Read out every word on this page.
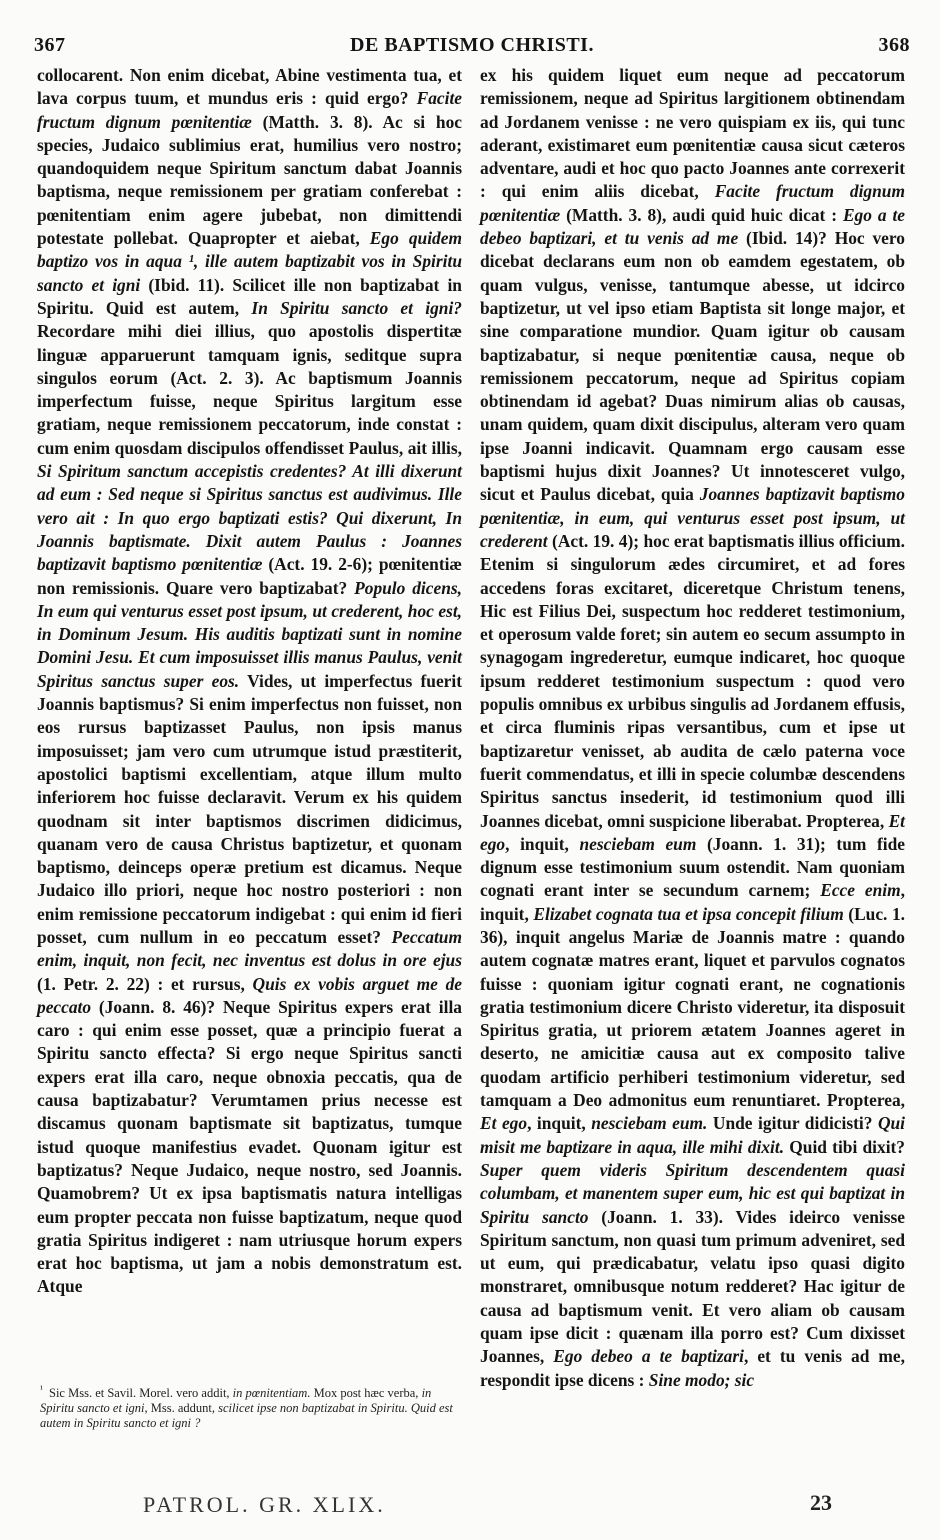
367	DE BAPTISMO CHRISTI.	368

collocarent. Non enim dicebat, Abine vestimenta tua, et lava corpus tuum, et mundus eris : quid ergo? Facite fructum dignum pœnitentiæ (Matth. 3. 8). Ac si hoc species, Judaico sublimius erat, humilius vero nostro; quandoquidem neque Spiritum sanctum dabat Joannis baptisma, neque remissionem per gratiam conferebat : pœnitentiam enim agere jubebat, non dimittendi potestate pollebat. Quapropter et aiebat, Ego quidem baptizo vos in aqua ¹, ille autem baptizabit vos in Spiritu sancto et igni (Ibid. 11). Scilicet ille non baptizabat in Spiritu. Quid est autem, In Spiritu sancto et igni? Recordare mihi diei illius, quo apostolis dispertitæ linguæ apparuerunt tamquam ignis, seditque supra singulos eorum (Act. 2. 3). Ac baptismum Joannis imperfectum fuisse, neque Spiritus largitum esse gratiam, neque remissionem peccatorum, inde constat : cum enim quosdam discipulos offendisset Paulus, ait illis, Si Spiritum sanctum accepistis credentes? At illi dixerunt ad eum : Sed neque si Spiritus sanctus est audivimus. Ille vero ait : In quo ergo baptizati estis? Qui dixerunt, In Joannis baptismate. Dixit autem Paulus : Joannes baptizavit baptismo pœnitentiæ (Act. 19. 2-6); pœnitentiæ non remissionis. Quare vero baptizabat? Populo dicens, In eum qui venturus esset post ipsum, ut crederent, hoc est, in Dominum Jesum. His auditis baptizati sunt in nomine Domini Jesu. Et cum imposuisset illis manus Paulus, venit Spiritus sanctus super eos. Vides, ut imperfectus fuerit Joannis baptismus? Si enim imperfectus non fuisset, non eos rursus baptizasset Paulus, non ipsis manus imposuisset; jam vero cum utrumque istud præstiterit, apostolici baptismi excellentiam, atque illum multo inferiorem hoc fuisse declaravit. Verum ex his quidem quodnam sit inter baptismos discrimen didicimus, quanam vero de causa Christus baptizetur, et quonam baptismo, deinceps operæ pretium est dicamus. Neque Judaico illo priori, neque hoc nostro posteriori : non enim remissione peccatorum indigebat : qui enim id fieri posset, cum nullum in eo peccatum esset? Peccatum enim, inquit, non fecit, nec inventus est dolus in ore ejus (1. Petr. 2. 22) : et rursus, Quis ex vobis arguet me de peccato (Joann. 8. 46)? Neque Spiritus expers erat illa caro : qui enim esse posset, quæ a principio fuerat a Spiritu sancto effecta? Si ergo neque Spiritus sancti expers erat illa caro, neque obnoxia peccatis, qua de causa baptizabatur? Verumtamen prius necesse est discamus quonam baptismate sit baptizatus, tumque istud quoque manifestius evadet. Quonam igitur est baptizatus? Neque Judaico, neque nostro, sed Joannis. Quamobrem? Ut ex ipsa baptismatis natura intelligas eum propter peccata non fuisse baptizatum, neque quod gratia Spiritus indigeret : nam utriusque horum expers erat hoc baptisma, ut jam a nobis demonstratum est. Atque

ex his quidem liquet eum neque ad peccatorum remissionem, neque ad Spiritus largitionem obtinendam ad Jordanem venisse : ne vero quispiam ex iis, qui tunc aderant, existimaret eum pœnitentiæ causa sicut cæteros adventare, audi et hoc quo pacto Joannes ante correxerit : qui enim aliis dicebat, Facite fructum dignum pœnitentiæ (Matth. 3. 8), audi quid huic dicat : Ego a te debeo baptizari, et tu venis ad me (Ibid. 14)? Hoc vero dicebat declarans eum non ob eamdem egestatem, ob quam vulgus, venisse, tantumque abesse, ut idcirco baptizetur, ut vel ipso etiam Baptista sit longe major, et sine comparatione mundior. Quam igitur ob causam baptizabatur, si neque pœnitentiæ causa, neque ob remissionem peccatorum, neque ad Spiritus copiam obtinendam id agebat? Duas nimirum alias ob causas, unam quidem, quam dixit discipulus, alteram vero quam ipse Joanni indicavit. Quamnam ergo causam esse baptismi hujus dixit Joannes? Ut innotesceret vulgo, sicut et Paulus dicebat, quia Joannes baptizavit baptismo pœnitentiæ, in eum, qui venturus esset post ipsum, ut crederent (Act. 19. 4); hoc erat baptismatis illius officium. Etenim si singulorum ædes circumiret, et ad fores accedens foras excitaret, diceretque Christum tenens, Hic est Filius Dei, suspectum hoc redderet testimonium, et operosum valde foret; sin autem eo secum assumpto in synagogam ingrederetur, eumque indicaret, hoc quoque ipsum redderet testimonium suspectum : quod vero populis omnibus ex urbibus singulis ad Jordanem effusis, et circa fluminis ripas versantibus, cum et ipse ut baptizaretur venisset, ab audita de cælo paterna voce fuerit commendatus, et illi in specie columbæ descendens Spiritus sanctus insederit, id testimonium quod illi Joannes dicebat, omni suspicione liberabat. Propterea, Et ego, inquit, nesciebam eum (Joann. 1. 31); tum fide dignum esse testimonium suum ostendit. Nam quoniam cognati erant inter se secundum carnem; Ecce enim, inquit, Elizabet cognata tua et ipsa concepit filium (Luc. 1. 36), inquit angelus Mariæ de Joannis matre : quando autem cognatæ matres erant, liquet et parvulos cognatos fuisse : quoniam igitur cognati erant, ne cognationis gratia testimonium dicere Christo videretur, ita disposuit Spiritus gratia, ut priorem ætatem Joannes ageret in deserto, ne amicitiæ causa aut ex composito talive quodam artificio perhiberi testimonium videretur, sed tamquam a Deo admonitus eum renuntiaret. Propterea, Et ego, inquit, nesciebam eum. Unde igitur didicisti? Qui misit me baptizare in aqua, ille mihi dixit. Quid tibi dixit? Super quem videris Spiritum descendentem quasi columbam, et manentem super eum, hic est qui baptizat in Spiritu sancto (Joann. 1. 33). Vides ideirco venisse Spiritum sanctum, non quasi tum primum adveniret, sed ut eum, qui prædicabatur, velatu ipso quasi digito monstraret, omnibusque notum redderet? Hac igitur de causa ad baptismum venit. Et vero aliam ob causam quam ipse dicit : quænam illa porro est? Cum dixisset Joannes, Ego debeo a te baptizari, et tu venis ad me, respondit ipse dicens : Sine modo; sic

$^{^1}$ Sic Mss. et Savil. Morel. vero addit, in pœnitentiam. Mox post hæc verba, in Spiritu sancto et igni, Mss. addunt, scilicet ipse non baptizabat in Spiritu. Quid est autem in Spiritu sancto et igni ?
PATROL. GR. XLIX.	23
